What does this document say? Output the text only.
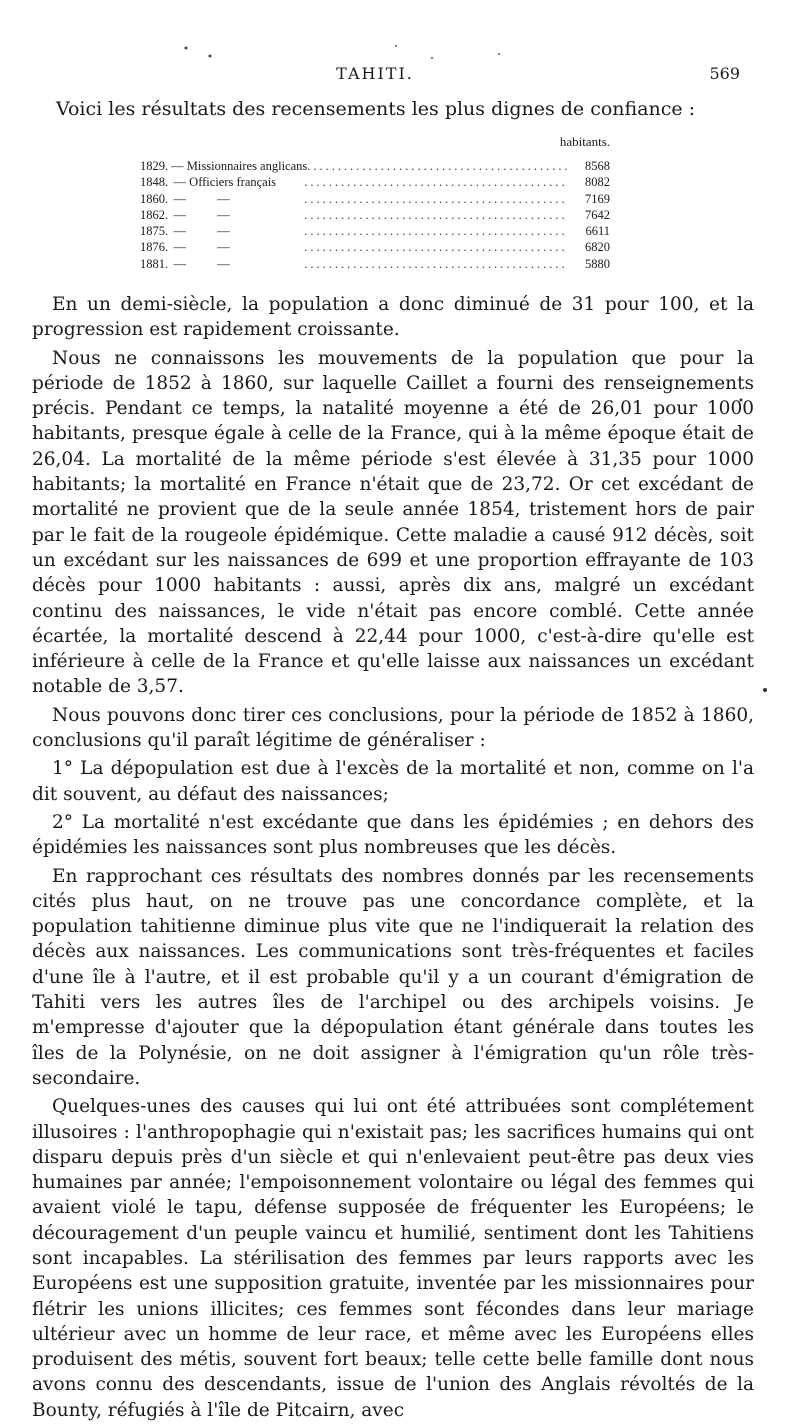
TAHITI.	569
Voici les résultats des recensements les plus dignes de confiance :
habitants.
1829. — Missionnaires anglicans ...........................................	8568
1848. — Officiers français	...........................................	8082
1860. —          —	...........................................	7169
1862. —          —	...........................................	7642
1875. —          —	...........................................	6611
1876. —          —	...........................................	6820
1881. —          —	...........................................	5880

En un demi-siècle, la population a donc diminué de 31 pour 100, et la progression est rapidement croissante.

Nous ne connaissons les mouvements de la population que pour la période de 1852 à 1860, sur laquelle Caillet a fourni des renseignements précis. Pendant ce temps, la natalité moyenne a été de 26,01 pour 1000 habitants, presque égale à celle de la France, qui à la même époque était de 26,04. La mortalité de la même période s'est élevée à 31,35 pour 1000 habitants; la mortalité en France n'était que de 23,72. Or cet excédant de mortalité ne provient que de la seule année 1854, tristement hors de pair par le fait de la rougeole épidémique. Cette maladie a causé 912 décès, soit un excédant sur les naissances de 699 et une proportion effrayante de 103 décès pour 1000 habitants : aussi, après dix ans, malgré un excédant continu des naissances, le vide n'était pas encore comblé. Cette année écartée, la mortalité descend à 22,44 pour 1000, c'est-à-dire qu'elle est inférieure à celle de la France et qu'elle laisse aux naissances un excédant notable de 3,57.

Nous pouvons donc tirer ces conclusions, pour la période de 1852 à 1860, conclusions qu'il paraît légitime de généraliser :

1° La dépopulation est due à l'excès de la mortalité et non, comme on l'a dit souvent, au défaut des naissances;

2° La mortalité n'est excédante que dans les épidémies ; en dehors des épidémies les naissances sont plus nombreuses que les décès.

En rapprochant ces résultats des nombres donnés par les recensements cités plus haut, on ne trouve pas une concordance complète, et la population tahitienne diminue plus vite que ne l'indiquerait la relation des décès aux naissances. Les communications sont très-fréquentes et faciles d'une île à l'autre, et il est probable qu'il y a un courant d'émigration de Tahiti vers les autres îles de l'archipel ou des archipels voisins. Je m'empresse d'ajouter que la dépopulation étant générale dans toutes les îles de la Polynésie, on ne doit assigner à l'émigration qu'un rôle très-secondaire.

Quelques-unes des causes qui lui ont été attribuées sont complétement illusoires : l'anthropophagie qui n'existait pas; les sacrifices humains qui ont disparu depuis près d'un siècle et qui n'enlevaient peut-être pas deux vies humaines par année; l'empoisonnement volontaire ou légal des femmes qui avaient violé le tapu, défense supposée de fréquenter les Européens; le découragement d'un peuple vaincu et humilié, sentiment dont les Tahitiens sont incapables. La stérilisation des femmes par leurs rapports avec les Européens est une supposition gratuite, inventée par les missionnaires pour flétrir les unions illicites; ces femmes sont fécondes dans leur mariage ultérieur avec un homme de leur race, et même avec les Européens elles produisent des métis, souvent fort beaux; telle cette belle famille dont nous avons connu des descendants, issue de l'union des Anglais révoltés de la Bounty, réfugiés à l'île de Pitcairn, avec
